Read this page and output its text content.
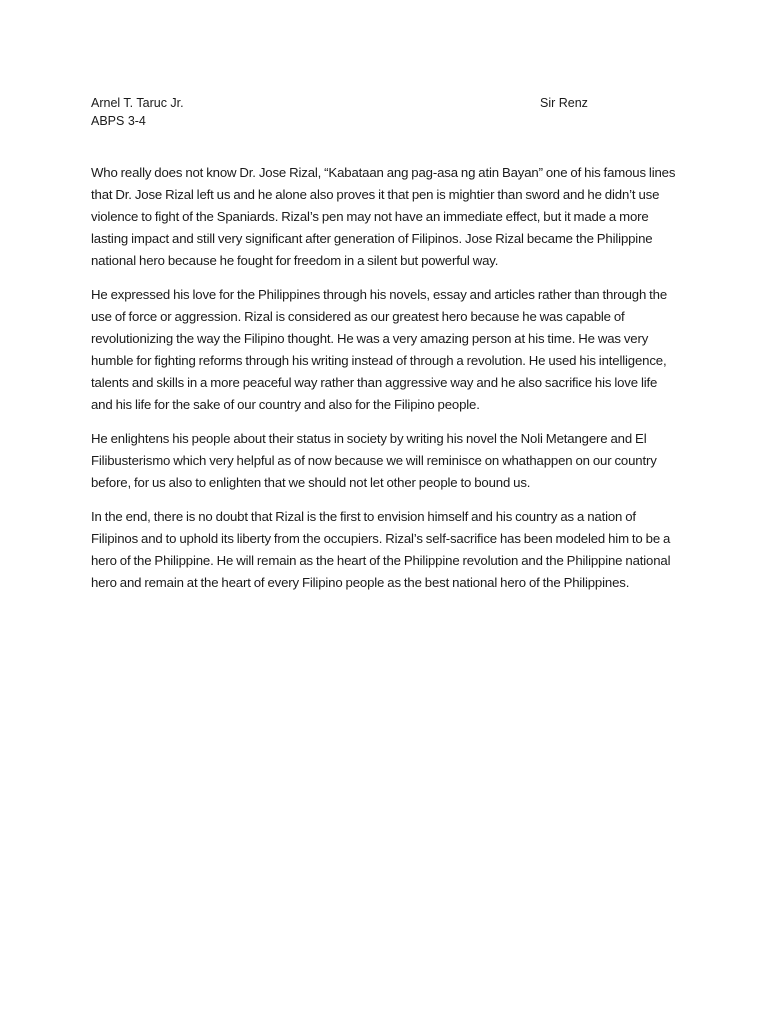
Arnel T. Taruc Jr.
ABPS 3-4
Sir Renz

Who really does not know Dr. Jose Rizal, “Kabataan ang pag-asa ng atin Bayan” one of his famous lines that Dr. Jose Rizal left us and he alone also proves it that pen is mightier than sword and he didn’t use violence to fight of the Spaniards. Rizal’s pen may not have an immediate effect, but it made a more lasting impact and still very significant after generation of Filipinos. Jose Rizal became the Philippine national hero because he fought for freedom in a silent but powerful way.

He expressed his love for the Philippines through his novels, essay and articles rather than through the use of force or aggression. Rizal is considered as our greatest hero because he was capable of revolutionizing the way the Filipino thought. He was a very amazing person at his time. He was very humble for fighting reforms through his writing instead of through a revolution. He used his intelligence, talents and skills in a more peaceful way rather than aggressive way and he also sacrifice his love life and his life for the sake of our country and also for the Filipino people.

He enlightens his people about their status in society by writing his novel the Noli Metangere and El Filibusterismo which very helpful as of now because we will reminisce on whathappen on our country before, for us also to enlighten that we should not let other people to bound us.

In the end, there is no doubt that Rizal is the first to envision himself and his country as a nation of Filipinos and to uphold its liberty from the occupiers. Rizal’s self-sacrifice has been modeled him to be a hero of the Philippine. He will remain as the heart of the Philippine revolution and the Philippine national hero and remain at the heart of every Filipino people as the best national hero of the Philippines.
